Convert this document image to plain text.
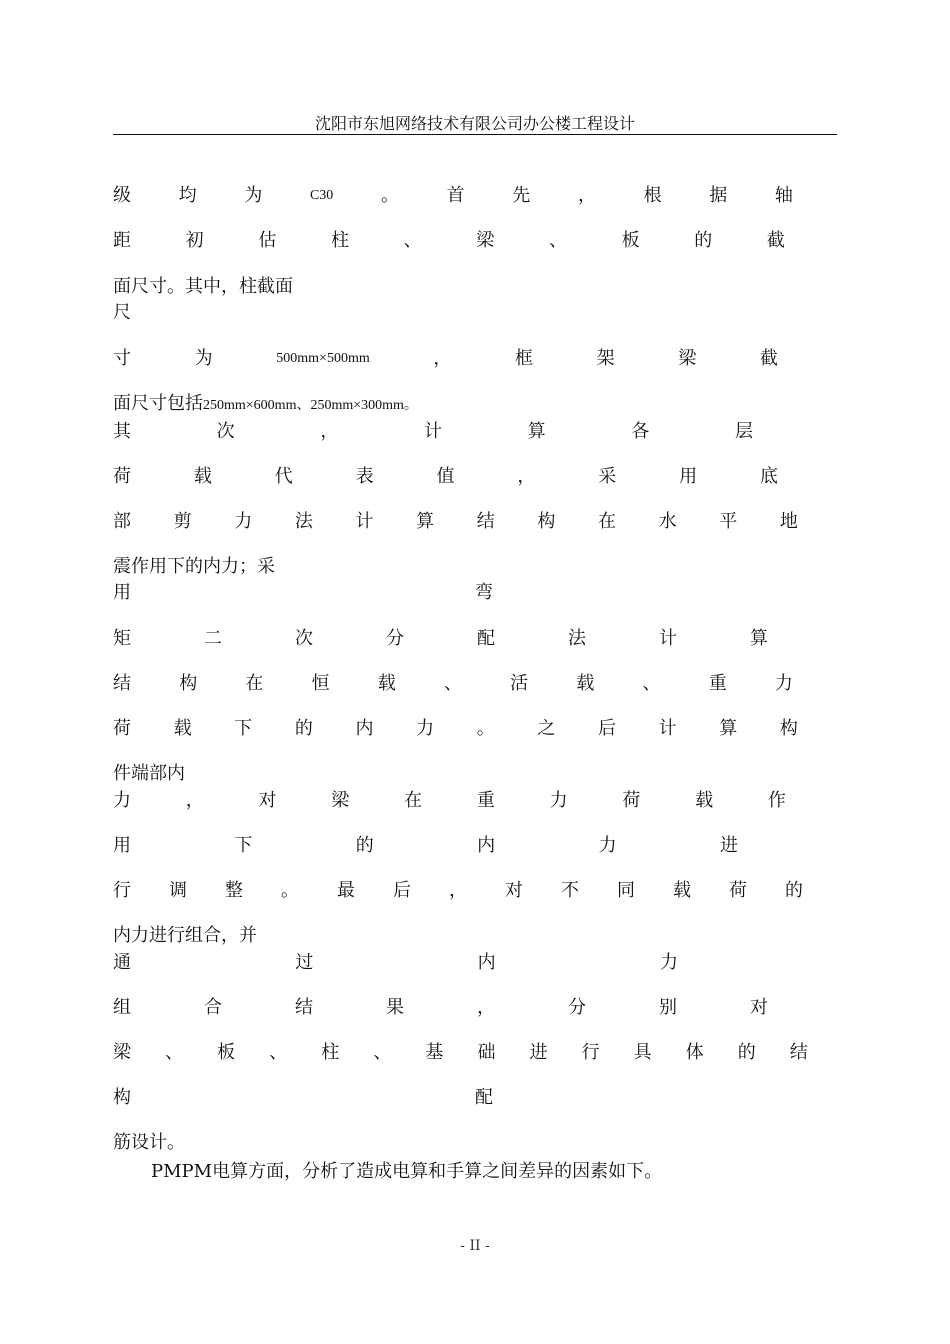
沈阳市东旭网络技术有限公司办公楼工程设计
级	均	为	C30	。	首	先	，	根	据	轴
距	初	估	柱	、	梁	、	板	的	截
面尺寸。其中，柱截面
尺
寸	为	500mm×500mm	，	框	架	梁	截
面尺寸包括250mm×600mm、250mm×300mm。
其	次	，	计	算	各	层
荷	载	代	表	值	，	采	用	底
部 剪 力 法 计 算 结 构 在 水 平 地
震作用下的内力；采
用	弯
矩	二	次	分	配	法	计	算
结	构	在	恒	载	、	活	载	、	重	力
荷 载 下 的 内 力 。 之 后 计 算 构
件端部内
力	，	对	梁	在	重	力	荷	载	作
用	下	的	内	力	进
行 调 整 。 最 后 ， 对 不 同 载 荷 的
内力进行组合，并
通	过	内	力
组	合	结	果	，	分	别	对
梁 、 板 、 柱 、 基 础 进 行 具 体 的 结
构	配
筋设计。
PMPM电算方面，分析了造成电算和手算之间差异的因素如下。
- II -
